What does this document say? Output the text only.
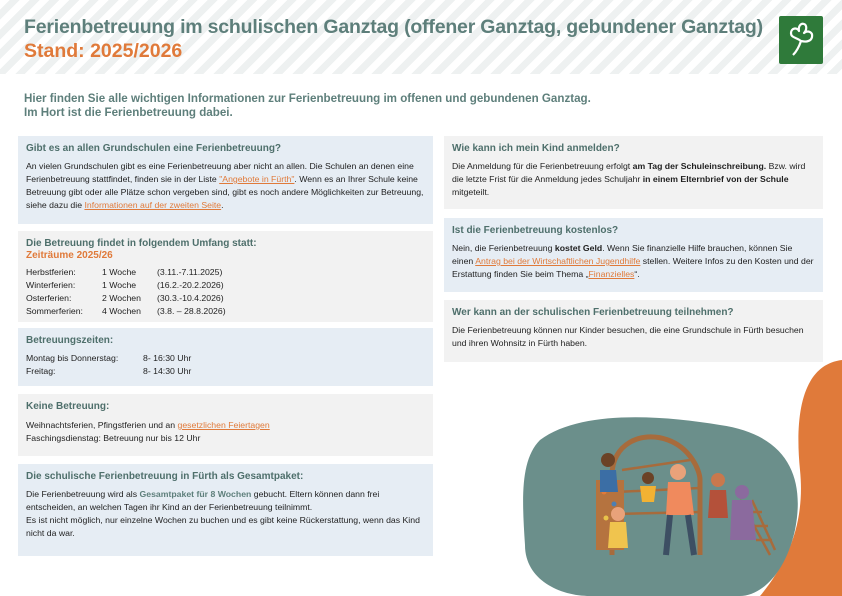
Ferienbetreuung im schulischen Ganztag (offener Ganztag, gebundener Ganztag)
Stand: 2025/2026
Hier finden Sie alle wichtigen Informationen zur Ferienbetreuung im offenen und gebundenen Ganztag.
Im Hort ist die Ferienbetreuung dabei.
Gibt es an allen Grundschulen eine Ferienbetreuung?
An vielen Grundschulen gibt es eine Ferienbetreuung aber nicht an allen. Die Schulen an denen eine Ferienbetreuung stattfindet, finden sie in der Liste "Angebote in Fürth". Wenn es an Ihrer Schule keine Betreuung gibt oder alle Plätze schon vergeben sind, gibt es noch andere Möglichkeiten zur Betreuung, siehe dazu die Informationen auf der zweiten Seite.
Die Betreuung findet in folgendem Umfang statt:
Zeiträume 2025/26
Herbstferien:	1 Woche	(3.11.-7.11.2025)
Winterferien:	1 Woche	(16.2.-20.2.2026)
Osterferien:	2 Wochen	(30.3.-10.4.2026)
Sommerferien:	4 Wochen	(3.8. – 28.8.2026)
Betreuungszeiten:
Montag bis Donnerstag:	8- 16:30 Uhr
Freitag:	8- 14:30 Uhr
Keine Betreuung:
Weihnachtsferien, Pfingstferien und an gesetzlichen Feiertagen
Faschingsdienstag: Betreuung nur bis 12 Uhr
Die schulische Ferienbetreuung in Fürth als Gesamtpaket:
Die Ferienbetreuung wird als Gesamtpaket für 8 Wochen gebucht. Eltern können dann frei entscheiden, an welchen Tagen ihr Kind an der Ferienbetreuung teilnimmt.
Es ist nicht möglich, nur einzelne Wochen zu buchen und es gibt keine Rückerstattung, wenn das Kind nicht da war.
Wie kann ich mein Kind anmelden?
Die Anmeldung für die Ferienbetreuung erfolgt am Tag der Schuleinschreibung. Bzw. wird die letzte Frist für die Anmeldung jedes Schuljahr in einem Elternbrief von der Schule mitgeteilt.
Ist die Ferienbetreuung kostenlos?
Nein, die Ferienbetreuung kostet Geld. Wenn Sie finanzielle Hilfe brauchen, können Sie einen Antrag bei der Wirtschaftlichen Jugendhilfe stellen. Weitere Infos zu den Kosten und der Erstattung finden Sie beim Thema „Finanzielles“.
Wer kann an der schulischen Ferienbetreuung teilnehmen?
Die Ferienbetreuung können nur Kinder besuchen, die eine Grundschule in Fürth besuchen und ihren Wohnsitz in Fürth haben.
